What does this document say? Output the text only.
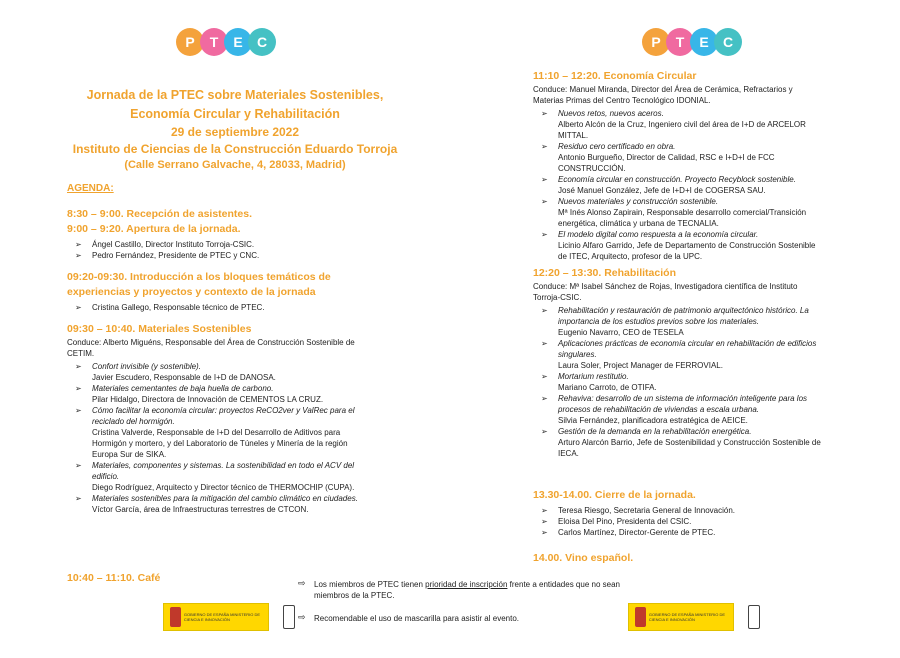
P	T	E	C
Jornada de la PTEC sobre Materiales Sostenibles,
Economía Circular y Rehabilitación
29 de septiembre 2022
Instituto de Ciencias de la Construcción Eduardo Torroja
(Calle Serrano Galvache, 4, 28033, Madrid)
AGENDA:
8:30 – 9:00. Recepción de asistentes.
9:00 – 9:20. Apertura de la jornada.
➢ Ángel Castillo, Director Instituto Torroja-CSIC.
➢ Pedro Fernández, Presidente de PTEC y CNC.
09:20-09:30. Introducción a los bloques temáticos de experiencias y proyectos y contexto de la jornada
➢ Cristina Gallego, Responsable técnico de PTEC.
09:30 – 10:40. Materiales Sostenibles
Conduce: Alberto Miguéns, Responsable del Área de Construcción Sostenible de CETIM.
➢ Confort invisible (y sostenible).
Javier Escudero, Responsable de I+D de DANOSA.
➢ Materiales cementantes de baja huella de carbono.
Pilar Hidalgo, Directora de Innovación de CEMENTOS LA CRUZ.
➢ Cómo facilitar la economía circular: proyectos ReCO2ver y ValRec para el reciclado del hormigón.
Cristina Valverde, Responsable de I+D del Desarrollo de Aditivos para Hormigón y mortero, y del Laboratorio de Túneles y Minería de la región Europa Sur de SIKA.
➢ Materiales, componentes y sistemas. La sostenibilidad en todo el ACV del edificio.
Diego Rodríguez, Arquitecto y Director técnico de THERMOCHIP (CUPA).
➢ Materiales sostenibles para la mitigación del cambio climático en ciudades.
Víctor García, área de Infraestructuras terrestres de CTCON.
10:40 – 11:10. Café
GOBIERNO DE ESPAÑA MINISTERIO DE CIENCIA E INNOVACIÓN
⇨ Los miembros de PTEC tienen prioridad de inscripción frente a entidades que no sean miembros de la PTEC.
⇨ Recomendable el uso de mascarilla para asistir al evento.
P	T	E	C
11:10 – 12:20. Economía Circular
Conduce: Manuel Miranda, Director del Área de Cerámica, Refractarios y Materias Primas del Centro Tecnológico IDONIAL.
➢ Nuevos retos, nuevos aceros.
Alberto Alcón de la Cruz, Ingeniero civil del área de I+D de ARCELOR MITTAL.
➢ Residuo cero certificado en obra.
Antonio Burgueño, Director de Calidad, RSC e I+D+I de FCC CONSTRUCCIÓN.
➢ Economía circular en construcción. Proyecto Recyblock sostenible.
José Manuel González, Jefe de I+D+I de COGERSA SAU.
➢ Nuevos materiales y construcción sostenible.
Mª Inés Alonso Zapirain, Responsable desarrollo comercial/Transición energética, climática y urbana de TECNALIA.
➢ El modelo digital como respuesta a la economía circular.
Licinio Alfaro Garrido, Jefe de Departamento de Construcción Sostenible de ITEC, Arquitecto, profesor de la UPC.
12:20 – 13:30. Rehabilitación
Conduce: Mª Isabel Sánchez de Rojas, Investigadora científica de Instituto Torroja-CSIC.
➢ Rehabilitación y restauración de patrimonio arquitectónico histórico. La importancia de los estudios previos sobre los materiales.
Eugenio Navarro, CEO de TESELA
➢ Aplicaciones prácticas de economía circular en rehabilitación de edificios singulares.
Laura Soler, Project Manager de FERROVIAL.
➢ Mortarium restitutio.
Mariano Carroto, de OTIFA.
➢ Rehaviva: desarrollo de un sistema de información inteligente para los procesos de rehabilitación de viviendas a escala urbana.
Silvia Fernández, planificadora estratégica de AEICE.
➢ Gestión de la demanda en la rehabilitación energética.
Arturo Alarcón Barrio, Jefe de Sostenibilidad y Construcción Sostenible de IECA.
13.30-14.00. Cierre de la jornada.
➢ Teresa Riesgo, Secretaria General de Innovación.
➢ Eloisa Del Pino, Presidenta del CSIC.
➢ Carlos Martínez, Director-Gerente de PTEC.
14.00. Vino español.
GOBIERNO DE ESPAÑA MINISTERIO DE CIENCIA E INNOVACIÓN
